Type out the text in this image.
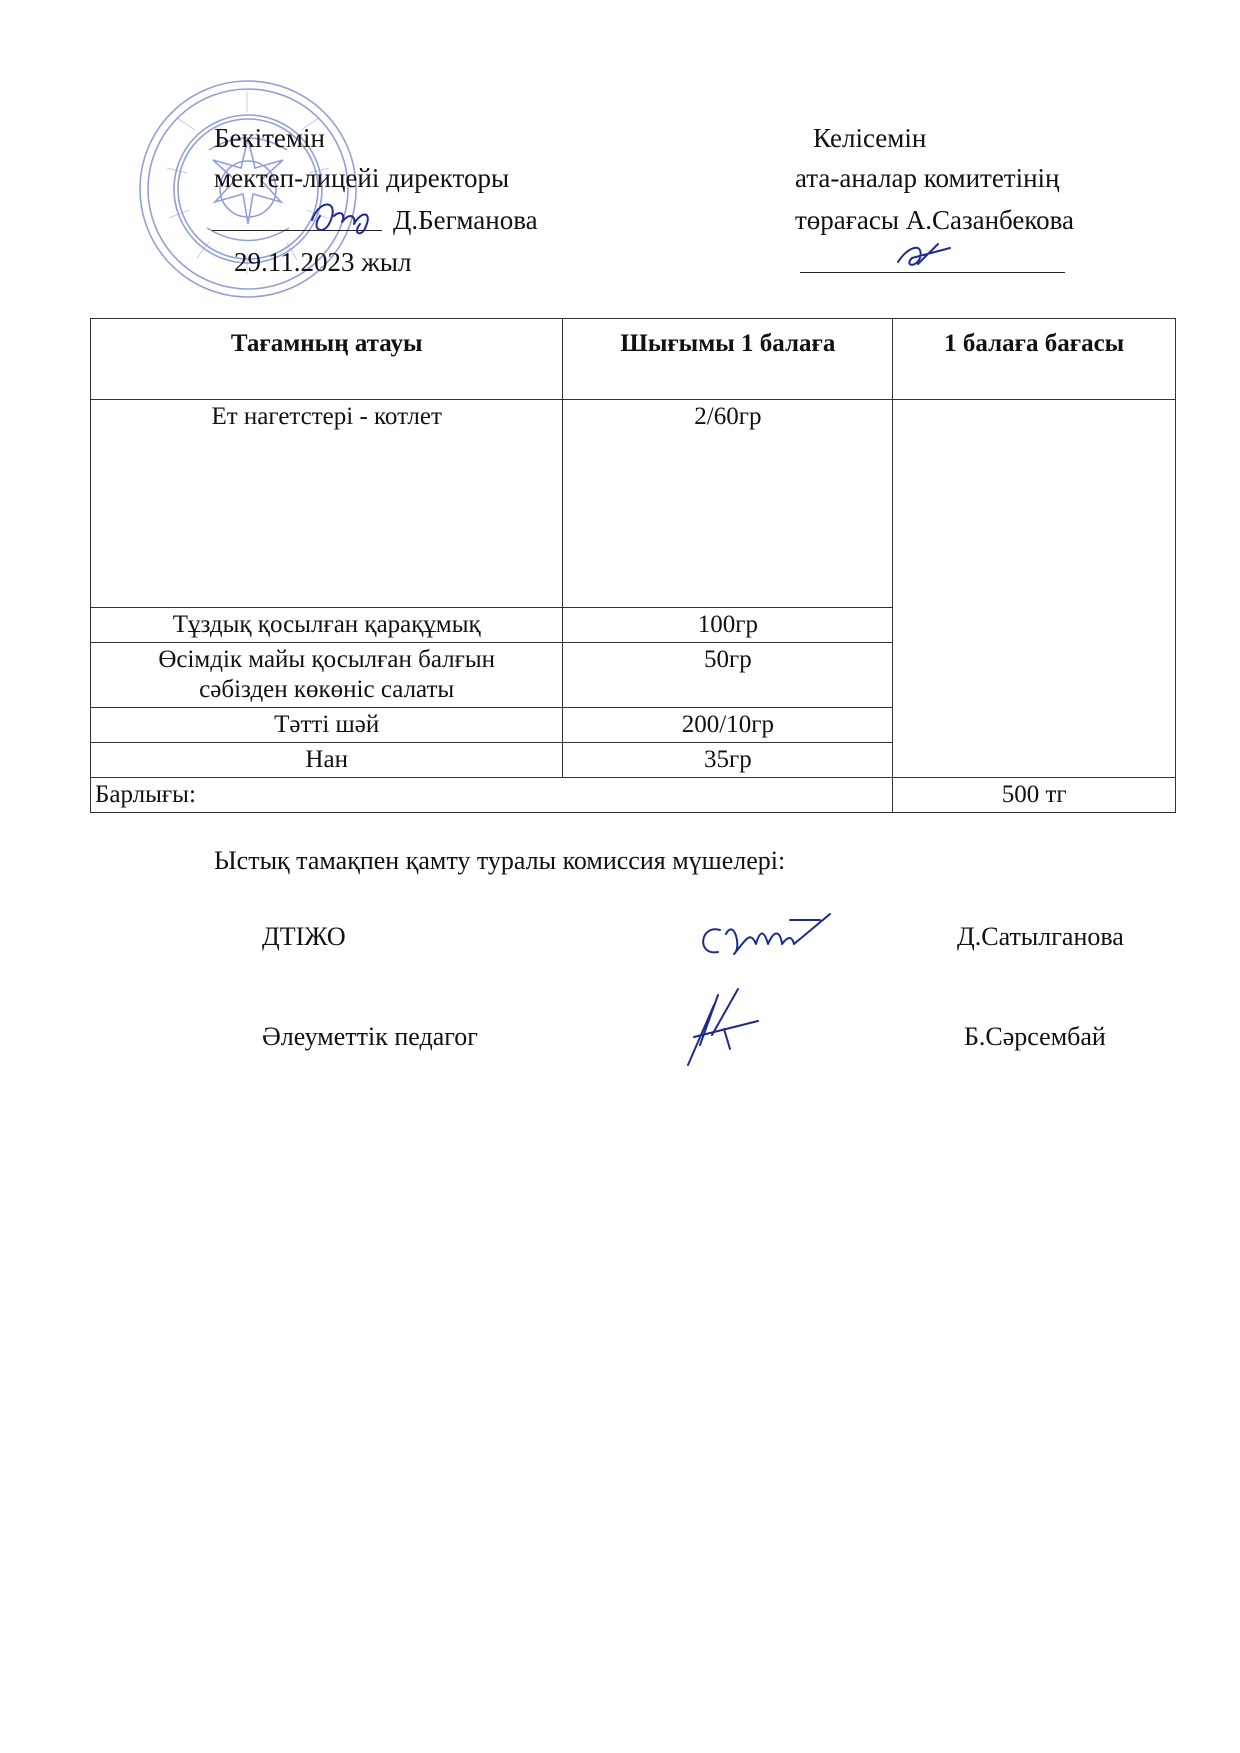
Бекітемін
мектеп-лицейі директоры
Д.Бегманова
29.11.2023 жыл
Келісемін
ата-аналар комитетінің
төрағасы А.Сазанбекова
Тағамның атауы	Шығымы 1 балаға	1 балаға бағасы
Ет нагетстері - котлет	2/60гр	
Тұздық қосылған қарақұмық	100гр	

Өсімдік майы қосылған балғын
сәбізден көкөніс салаты	50гр	
Тәтті шәй	200/10гр	
Нан	35гр	
Барлығы:		500 тг
Ыстық тамақпен қамту туралы комиссия мүшелері:
ДТІЖО	Д.Сатылганова
Әлеуметтік педагог	Б.Сәрсембай
